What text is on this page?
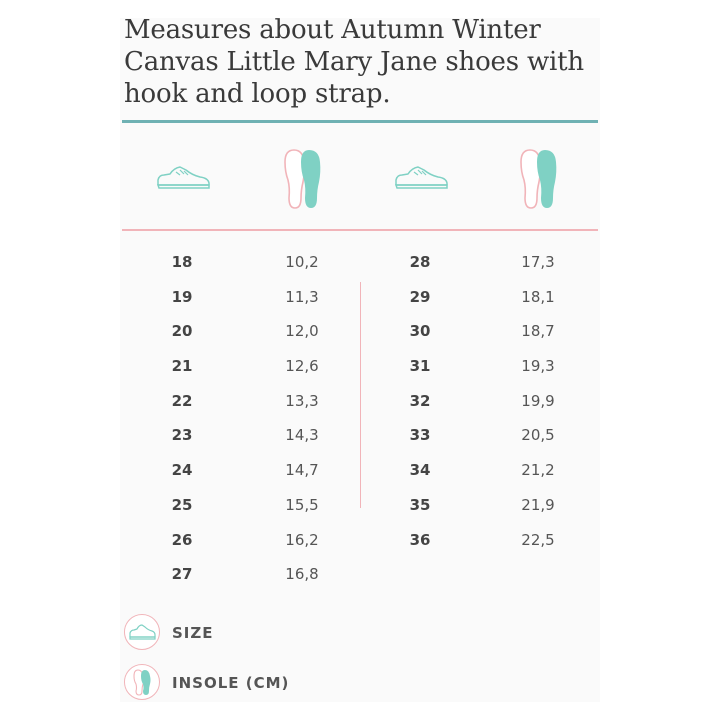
Measures about Autumn Winter Canvas Little Mary Jane shoes with hook and loop strap.
18
19
20
21
22
23
24
25
26
27
10,2
11,3
12,0
12,6
13,3
14,3
14,7
15,5
16,2
16,8
28
29
30
31
32
33
34
35
36
17,3
18,1
18,7
19,3
19,9
20,5
21,2
21,9
22,5
SIZE
INSOLE (CM)
